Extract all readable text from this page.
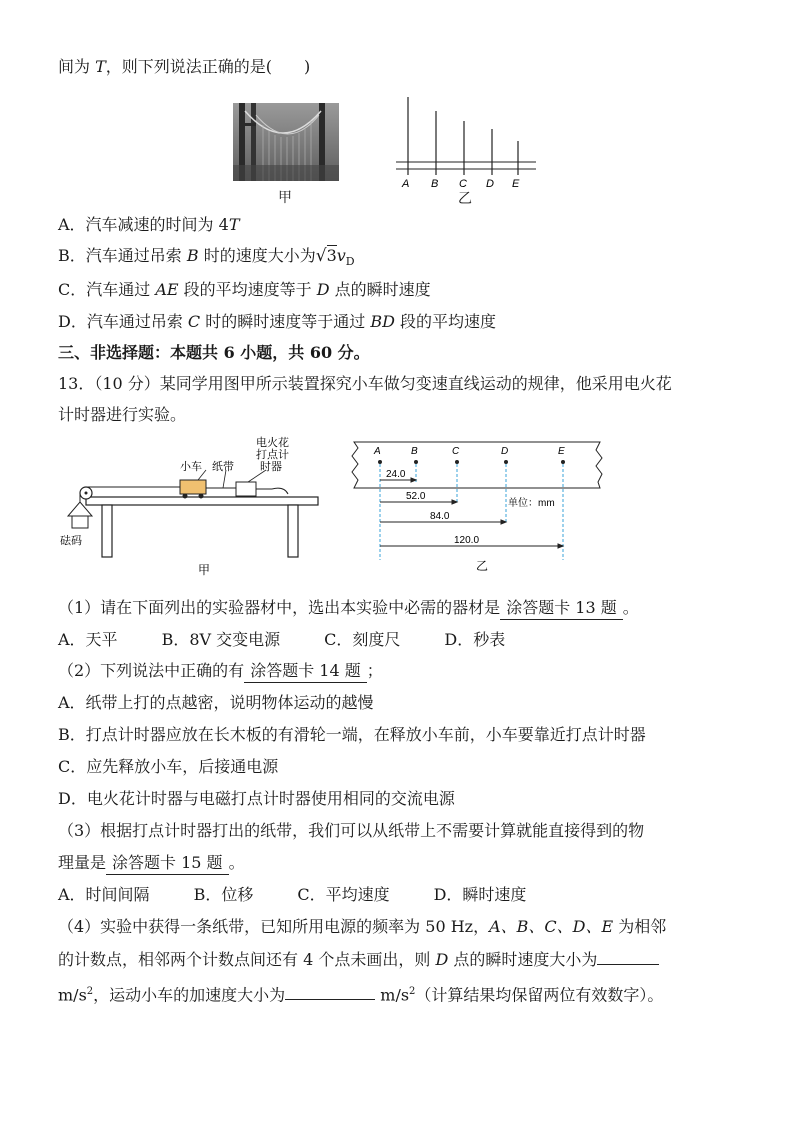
间为 T，则下列说法正确的是(　　)
甲
A B C D E
乙
A．汽车减速的时间为 4T
B．汽车通过吊索 B 时的速度大小为$√3v_D$
C．汽车通过 AE 段的平均速度等于 D 点的瞬时速度
D．汽车通过吊索 C 时的瞬时速度等于通过 BD 段的平均速度
三、非选择题：本题共 6 小题，共 60 分。
13．（10 分）某同学用图甲所示装置探究小车做匀变速直线运动的规律，他采用电火花
计时器进行实验。
小车 纸带
电火花
打点计
时器
砝码
甲
A	B	C	D	E
24.0
52.0
84.0
120.0
单位：mm
乙
（1）请在下面列出的实验器材中，选出本实验中必需的器材是 涂答题卡 13 题 。
A．天平	B．8V 交变电源	C．刻度尺	D．秒表
（2）下列说法中正确的有 涂答题卡 14 题 ；
A．纸带上打的点越密，说明物体运动的越慢
B．打点计时器应放在长木板的有滑轮一端，在释放小车前，小车要靠近打点计时器
C．应先释放小车，后接通电源
D．电火花计时器与电磁打点计时器使用相同的交流电源
（3）根据打点计时器打出的纸带，我们可以从纸带上不需要计算就能直接得到的物
理量是 涂答题卡 15 题 。
A．时间间隔	B．位移	C．平均速度	D．瞬时速度
（4）实验中获得一条纸带，已知所用电源的频率为 50 Hz，A、B、C、D、E 为相邻
的计数点，相邻两个计数点间还有 4 个点未画出，则 D 点的瞬时速度大小为
$m/s^2$，运动小车的加速度大小为	$m/s^2$（计算结果均保留两位有效数字）。
